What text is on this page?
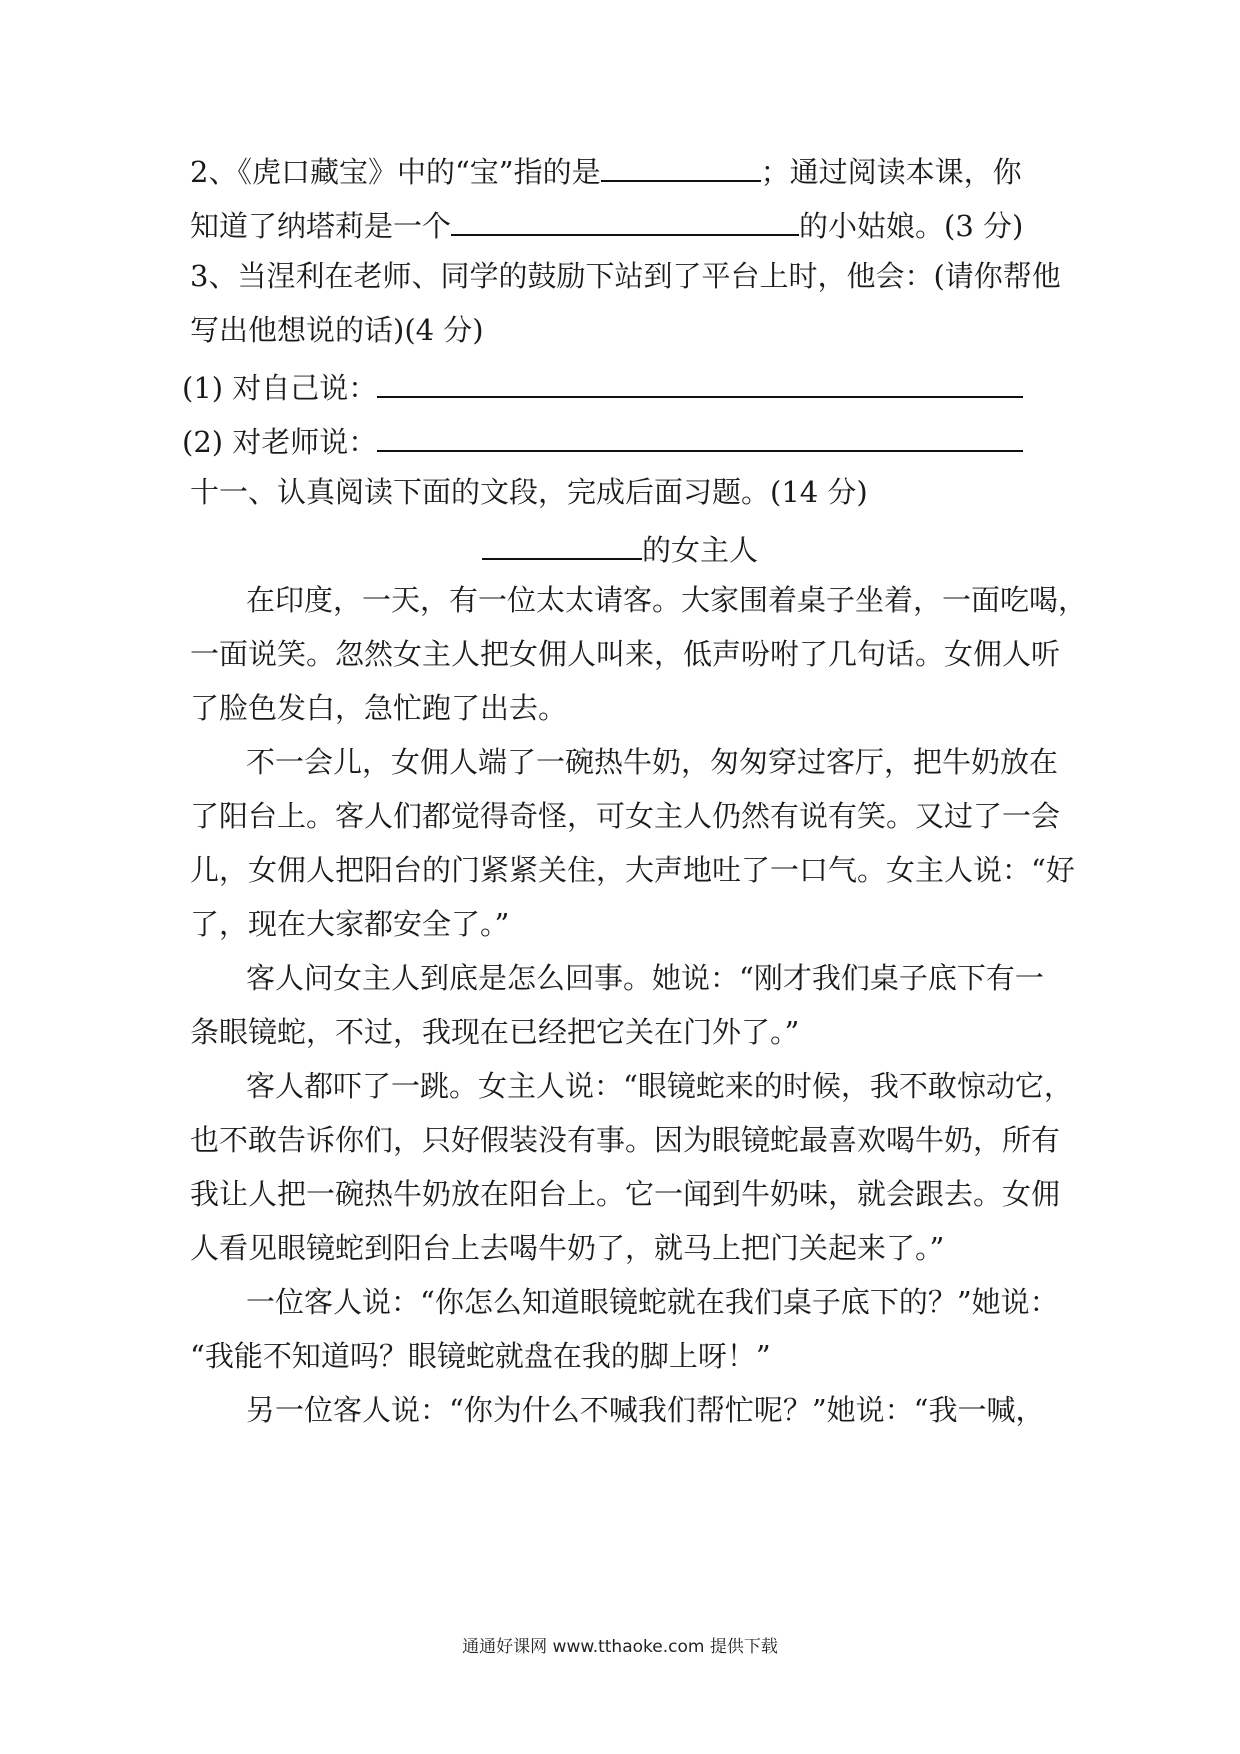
2、《虎口藏宝》中的“宝”指的是	；通过阅读本课，你
知道了纳塔莉是一个	的小姑娘。(3 分)
3、当涅利在老师、同学的鼓励下站到了平台上时，他会：(请你帮他
写出他想说的话)(4 分)
(1) 对自己说：
(2) 对老师说：
十一、认真阅读下面的文段，完成后面习题。(14 分)
的女主人
在印度，一天，有一位太太请客。大家围着桌子坐着，一面吃喝，
一面说笑。忽然女主人把女佣人叫来，低声吩咐了几句话。女佣人听
了脸色发白，急忙跑了出去。
不一会儿，女佣人端了一碗热牛奶，匆匆穿过客厅，把牛奶放在
了阳台上。客人们都觉得奇怪，可女主人仍然有说有笑。又过了一会
儿，女佣人把阳台的门紧紧关住，大声地吐了一口气。女主人说：“好
了，现在大家都安全了。”
客人问女主人到底是怎么回事。她说：“刚才我们桌子底下有一
条眼镜蛇，不过，我现在已经把它关在门外了。”
客人都吓了一跳。女主人说：“眼镜蛇来的时候，我不敢惊动它，
也不敢告诉你们，只好假装没有事。因为眼镜蛇最喜欢喝牛奶，所有
我让人把一碗热牛奶放在阳台上。它一闻到牛奶味，就会跟去。女佣
人看见眼镜蛇到阳台上去喝牛奶了，就马上把门关起来了。”
一位客人说：“你怎么知道眼镜蛇就在我们桌子底下的？”她说：
“我能不知道吗？眼镜蛇就盘在我的脚上呀！”
另一位客人说：“你为什么不喊我们帮忙呢？”她说：“我一喊，
通通好课网 www.tthaoke.com 提供下载
